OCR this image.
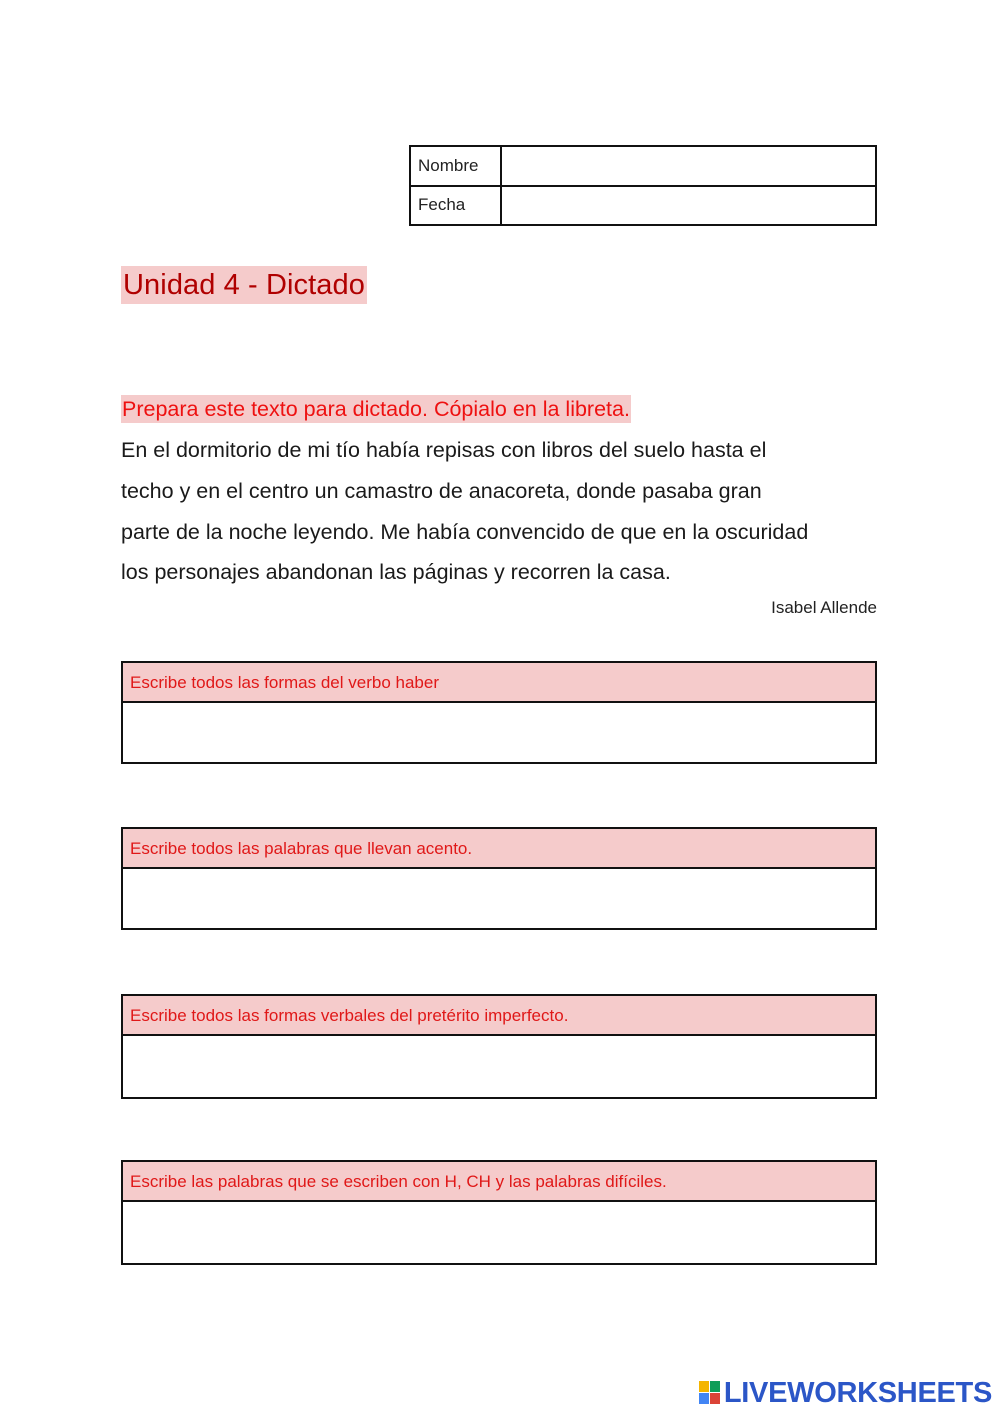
Nombre	
Fecha	
Unidad 4 - Dictado
Prepara este texto para dictado. Cópialo en la libreta.

En el dormitorio de mi tío había repisas con libros del suelo hasta el

techo y en el centro un camastro de anacoreta, donde pasaba gran

parte de la noche leyendo. Me había convencido de que en la oscuridad

los personajes abandonan las páginas y recorren la casa.

Isabel Allende
Escribe todos las formas del verbo haber
Escribe todos las palabras que llevan acento.
Escribe todos las formas verbales del pretérito imperfecto.
Escribe las palabras que se escriben con H, CH y las palabras difíciles.
LIVEWORKSHEETS
